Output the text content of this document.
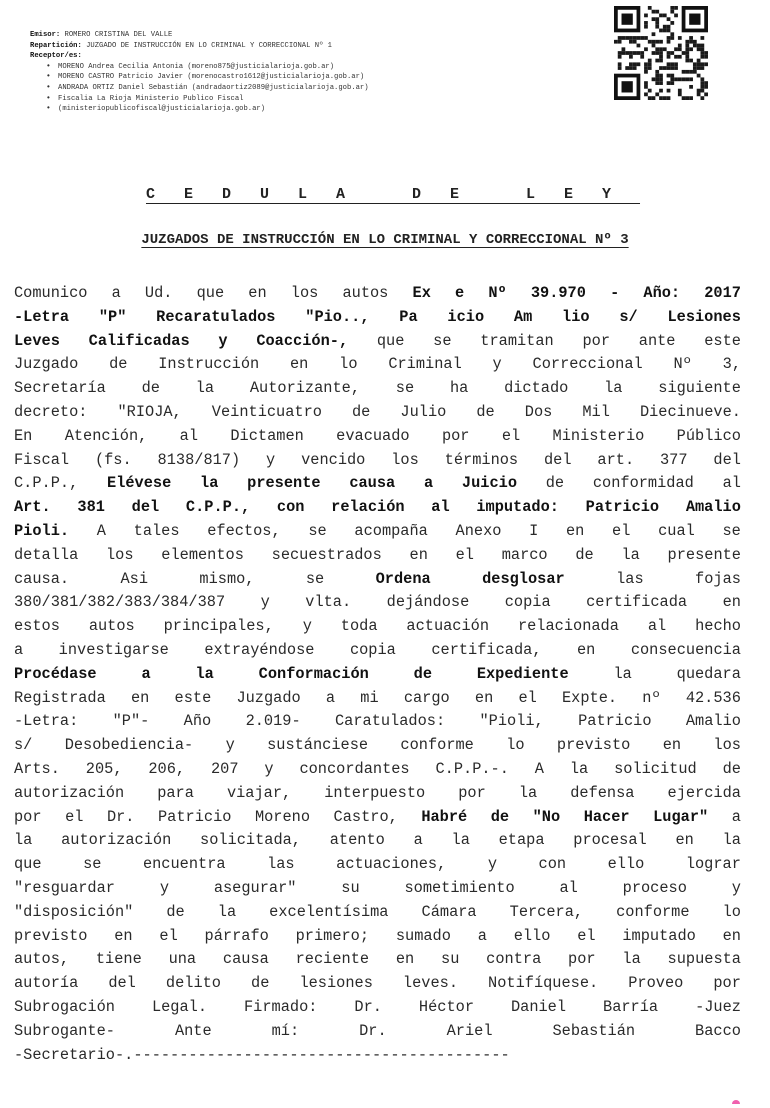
Emisor: ROMERO CRISTINA DEL VALLE
Repartición: JUZGADO DE INSTRUCCIÓN EN LO CRIMINAL Y CORRECCIONAL Nº 1
Receptor/es:
• MORENO Andrea Cecilia Antonia (moreno875@justicialarioja.gob.ar)
• MORENO CASTRO Patricio Javier (morenocastro1612@justicialarioja.gob.ar)
• ANDRADA ORTIZ Daniel Sebastián (andradaortiz2089@justicialarioja.gob.ar)
• Fiscalia La Rioja Ministerio Publico Fiscal
• (ministeriopublicofiscal@justicialarioja.gob.ar)
CEDULA DE LEY
JUZGADOS DE INSTRUCCIÓN EN LO CRIMINAL Y CORRECCIONAL Nº 3
Comunico a Ud. que en los autos Ex e Nº 39.970 - Año: 2017
-Letra "P" Recaratulados "Pio.., Pa icio Am lio s/ Lesiones
Leves Calificadas y Coacción-, que se tramitan por ante este
Juzgado de Instrucción en lo Criminal y Correccional Nº 3,
Secretaría de la Autorizante, se ha dictado la siguiente
decreto: "RIOJA, Veinticuatro de Julio de Dos Mil Diecinueve.
En Atención, al Dictamen evacuado por el Ministerio Público
Fiscal (fs. 8138/817) y vencido los términos del art. 377 del
C.P.P., Elévese la presente causa a Juicio de conformidad al
Art. 381 del C.P.P., con relación al imputado: Patricio Amalio
Pioli. A tales efectos, se acompaña Anexo I en el cual se
detalla los elementos secuestrados en el marco de la presente
causa.	Asi	mismo,	se	Ordena	desglosar	las	fojas
380/381/382/383/384/387 y vlta. dejándose copia certificada en
estos autos principales, y toda actuación relacionada al hecho
a investigarse extrayéndose copia certificada, en consecuencia
Procédase	a	la	Conformación	de	Expediente	la	quedara
Registrada en este Juzgado a mi cargo en el Expte. nº 42.536
-Letra: "P"- Año 2.019- Caratulados: "Pioli, Patricio Amalio
s/ Desobediencia- y sustánciese conforme lo previsto en los
Arts. 205, 206, 207 y concordantes C.P.P.-. A la solicitud de
autorización para viajar, interpuesto por la defensa ejercida
por el Dr. Patricio Moreno Castro, Habré de "No Hacer Lugar" a
la autorización solicitada, atento a la etapa procesal en la
que	se	encuentra	las	actuaciones,	y	con	ello	lograr
"resguardar	y	asegurar"	su	sometimiento	al	proceso	y
"disposición" de la excelentísima Cámara Tercera, conforme lo
previsto en el párrafo primero; sumado a ello el imputado en
autos, tiene una causa reciente en su contra por la supuesta
autoría del delito de lesiones leves. Notifíquese. Proveo por
Subrogación Legal. Firmado: Dr. Héctor Daniel Barría -Juez
Subrogante-	Ante	mí:	Dr.	Ariel	Sebastián	Bacco
-Secretario-.-----------------------------------------
